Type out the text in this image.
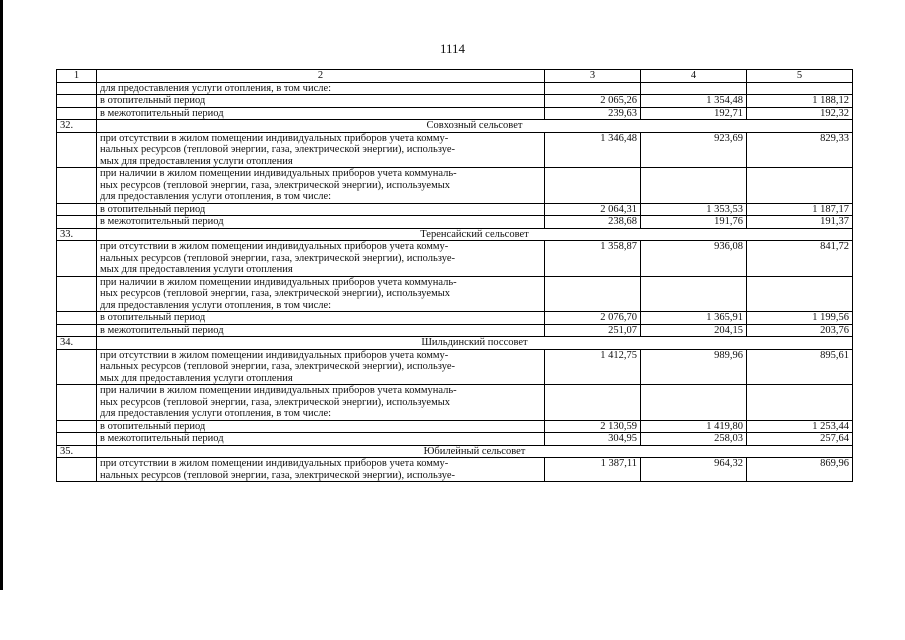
1114
1	2	3	4	5
	для предоставления услуги отопления, в том числе:			
	в отопительный период	2 065,26	1 354,48	1 188,12
	в межотопительный период	239,63	192,71	192,32
32.	Совхозный сельсовет			
	при отсутствии в жилом помещении индивидуальных приборов учета комму-
нальных ресурсов (тепловой энергии, газа, электрической энергии), используе-
мых для предоставления услуги отопления	1 346,48	923,69	829,33
	при наличии в жилом помещении индивидуальных приборов учета коммуналь-
ных ресурсов (тепловой энергии, газа, электрической энергии), используемых
для предоставления услуги отопления, в том числе:			
	в отопительный период	2 064,31	1 353,53	1 187,17
	в межотопительный период	238,68	191,76	191,37
33.	Теренсайский сельсовет			
	при отсутствии в жилом помещении индивидуальных приборов учета комму-
нальных ресурсов (тепловой энергии, газа, электрической энергии), используе-
мых для предоставления услуги отопления	1 358,87	936,08	841,72
	при наличии в жилом помещении индивидуальных приборов учета коммуналь-
ных ресурсов (тепловой энергии, газа, электрической энергии), используемых
для предоставления услуги отопления, в том числе:			
	в отопительный период	2 076,70	1 365,91	1 199,56
	в межотопительный период	251,07	204,15	203,76
34.	Шильдинский поссовет			
	при отсутствии в жилом помещении индивидуальных приборов учета комму-
нальных ресурсов (тепловой энергии, газа, электрической энергии), используе-
мых для предоставления услуги отопления	1 412,75	989,96	895,61
	при наличии в жилом помещении индивидуальных приборов учета коммуналь-
ных ресурсов (тепловой энергии, газа, электрической энергии), используемых
для предоставления услуги отопления, в том числе:			
	в отопительный период	2 130,59	1 419,80	1 253,44
	в межотопительный период	304,95	258,03	257,64
35.	Юбилейный сельсовет			
	при отсутствии в жилом помещении индивидуальных приборов учета комму-
нальных ресурсов (тепловой энергии, газа, электрической энергии), используе-	1 387,11	964,32	869,96
